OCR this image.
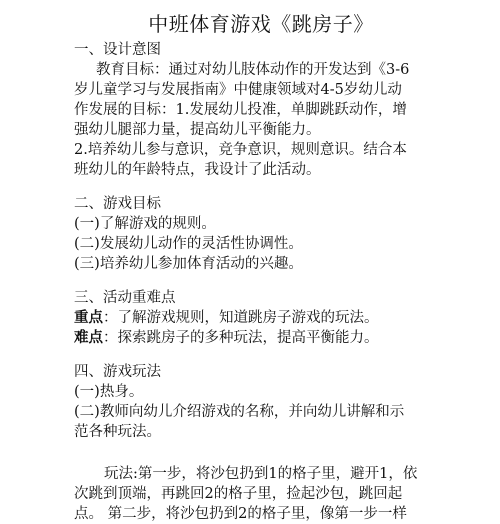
中班体育游戏《跳房子》
一、设计意图
教育目标：通过对幼儿肢体动作的开发达到《3-6
岁儿童学习与发展指南》中健康领域对4-5岁幼儿动
作发展的目标：1.发展幼儿投准，单脚跳跃动作，增
强幼儿腿部力量，提高幼儿平衡能力。
2.培养幼儿参与意识，竞争意识，规则意识。结合本
班幼儿的年龄特点，我设计了此活动。
二、游戏目标
(一)了解游戏的规则。
(二)发展幼儿动作的灵活性协调性。
(三)培养幼儿参加体育活动的兴趣。
三、活动重难点
重点：了解游戏规则，知道跳房子游戏的玩法。
难点：探索跳房子的多种玩法，提高平衡能力。
四、游戏玩法
(一)热身。
(二)教师向幼儿介绍游戏的名称，并向幼儿讲解和示
范各种玩法。
玩法:第一步，将沙包扔到1的格子里，避开1，依
次跳到顶端，再跳回2的格子里，捡起沙包，跳回起
点。 第二步，将沙包扔到2的格子里，像第一步一样
